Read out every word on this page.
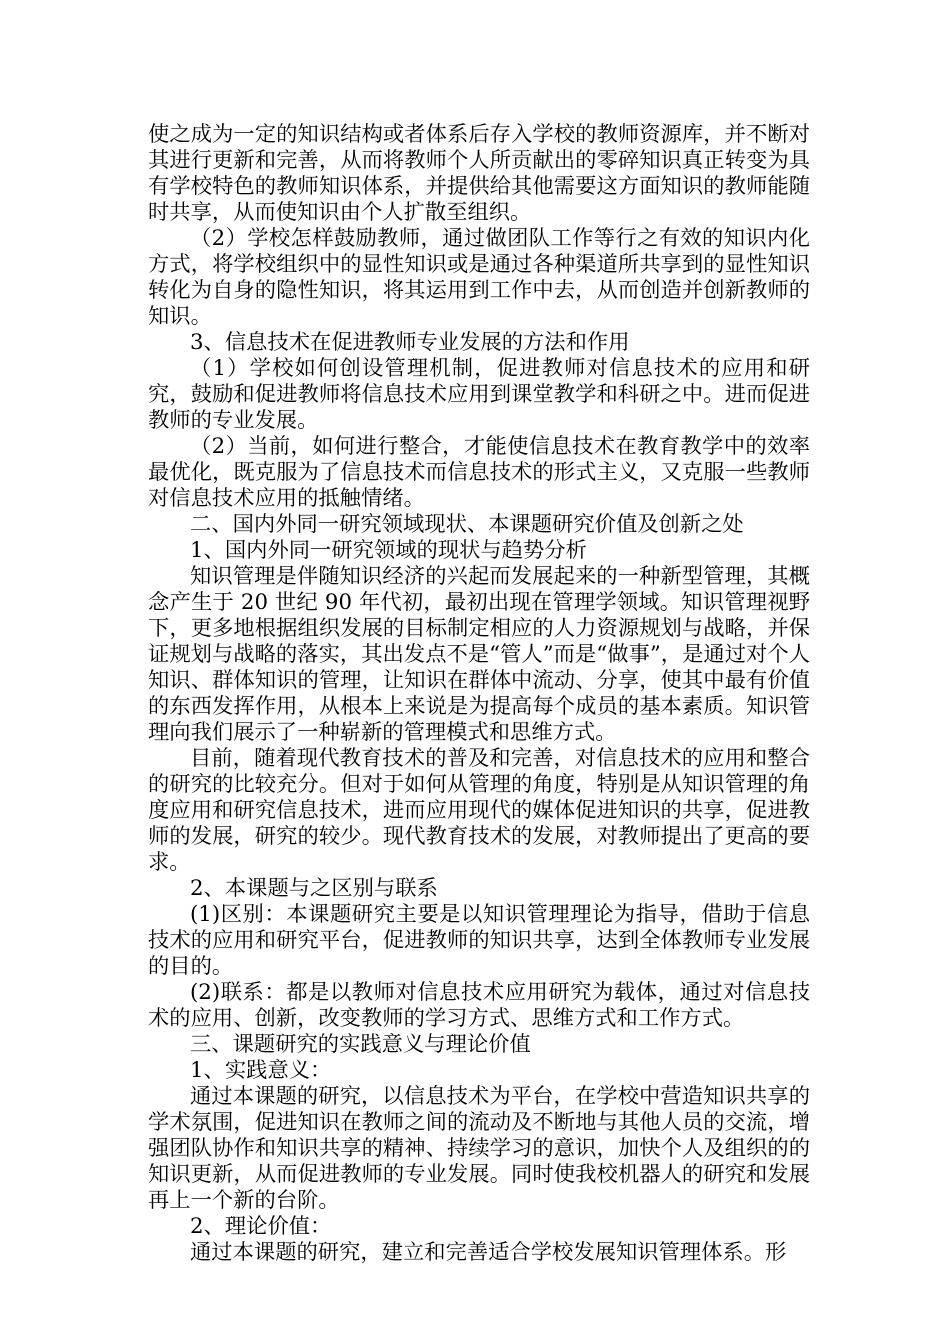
使之成为一定的知识结构或者体系后存入学校的教师资源库，并不断对其进行更新和完善，从而将教师个人所贡献出的零碎知识真正转变为具有学校特色的教师知识体系，并提供给其他需要这方面知识的教师能随时共享，从而使知识由个人扩散至组织。

（2）学校怎样鼓励教师，通过做团队工作等行之有效的知识内化方式，将学校组织中的显性知识或是通过各种渠道所共享到的显性知识转化为自身的隐性知识，将其运用到工作中去，从而创造并创新教师的知识。

3、信息技术在促进教师专业发展的方法和作用

（1）学校如何创设管理机制，促进教师对信息技术的应用和研究，鼓励和促进教师将信息技术应用到课堂教学和科研之中。进而促进教师的专业发展。

（2）当前，如何进行整合，才能使信息技术在教育教学中的效率最优化，既克服为了信息技术而信息技术的形式主义，又克服一些教师对信息技术应用的抵触情绪。

二、国内外同一研究领域现状、本课题研究价值及创新之处

1、国内外同一研究领域的现状与趋势分析

知识管理是伴随知识经济的兴起而发展起来的一种新型管理，其概念产生于 20 世纪 90 年代初，最初出现在管理学领域。知识管理视野下，更多地根据组织发展的目标制定相应的人力资源规划与战略，并保证规划与战略的落实，其出发点不是“管人”而是“做事”，是通过对个人知识、群体知识的管理，让知识在群体中流动、分享，使其中最有价值的东西发挥作用，从根本上来说是为提高每个成员的基本素质。知识管理向我们展示了一种崭新的管理模式和思维方式。

目前，随着现代教育技术的普及和完善，对信息技术的应用和整合的研究的比较充分。但对于如何从管理的角度，特别是从知识管理的角度应用和研究信息技术，进而应用现代的媒体促进知识的共享，促进教师的发展，研究的较少。现代教育技术的发展，对教师提出了更高的要求。

2、本课题与之区别与联系

(1)区别：本课题研究主要是以知识管理理论为指导，借助于信息技术的应用和研究平台，促进教师的知识共享，达到全体教师专业发展的目的。

(2)联系：都是以教师对信息技术应用研究为载体，通过对信息技术的应用、创新，改变教师的学习方式、思维方式和工作方式。

三、课题研究的实践意义与理论价值

1、实践意义：

通过本课题的研究，以信息技术为平台，在学校中营造知识共享的学术氛围，促进知识在教师之间的流动及不断地与其他人员的交流，增强团队协作和知识共享的精神、持续学习的意识，加快个人及组织的的知识更新，从而促进教师的专业发展。同时使我校机器人的研究和发展再上一个新的台阶。

2、理论价值：

通过本课题的研究，建立和完善适合学校发展知识管理体系。形
